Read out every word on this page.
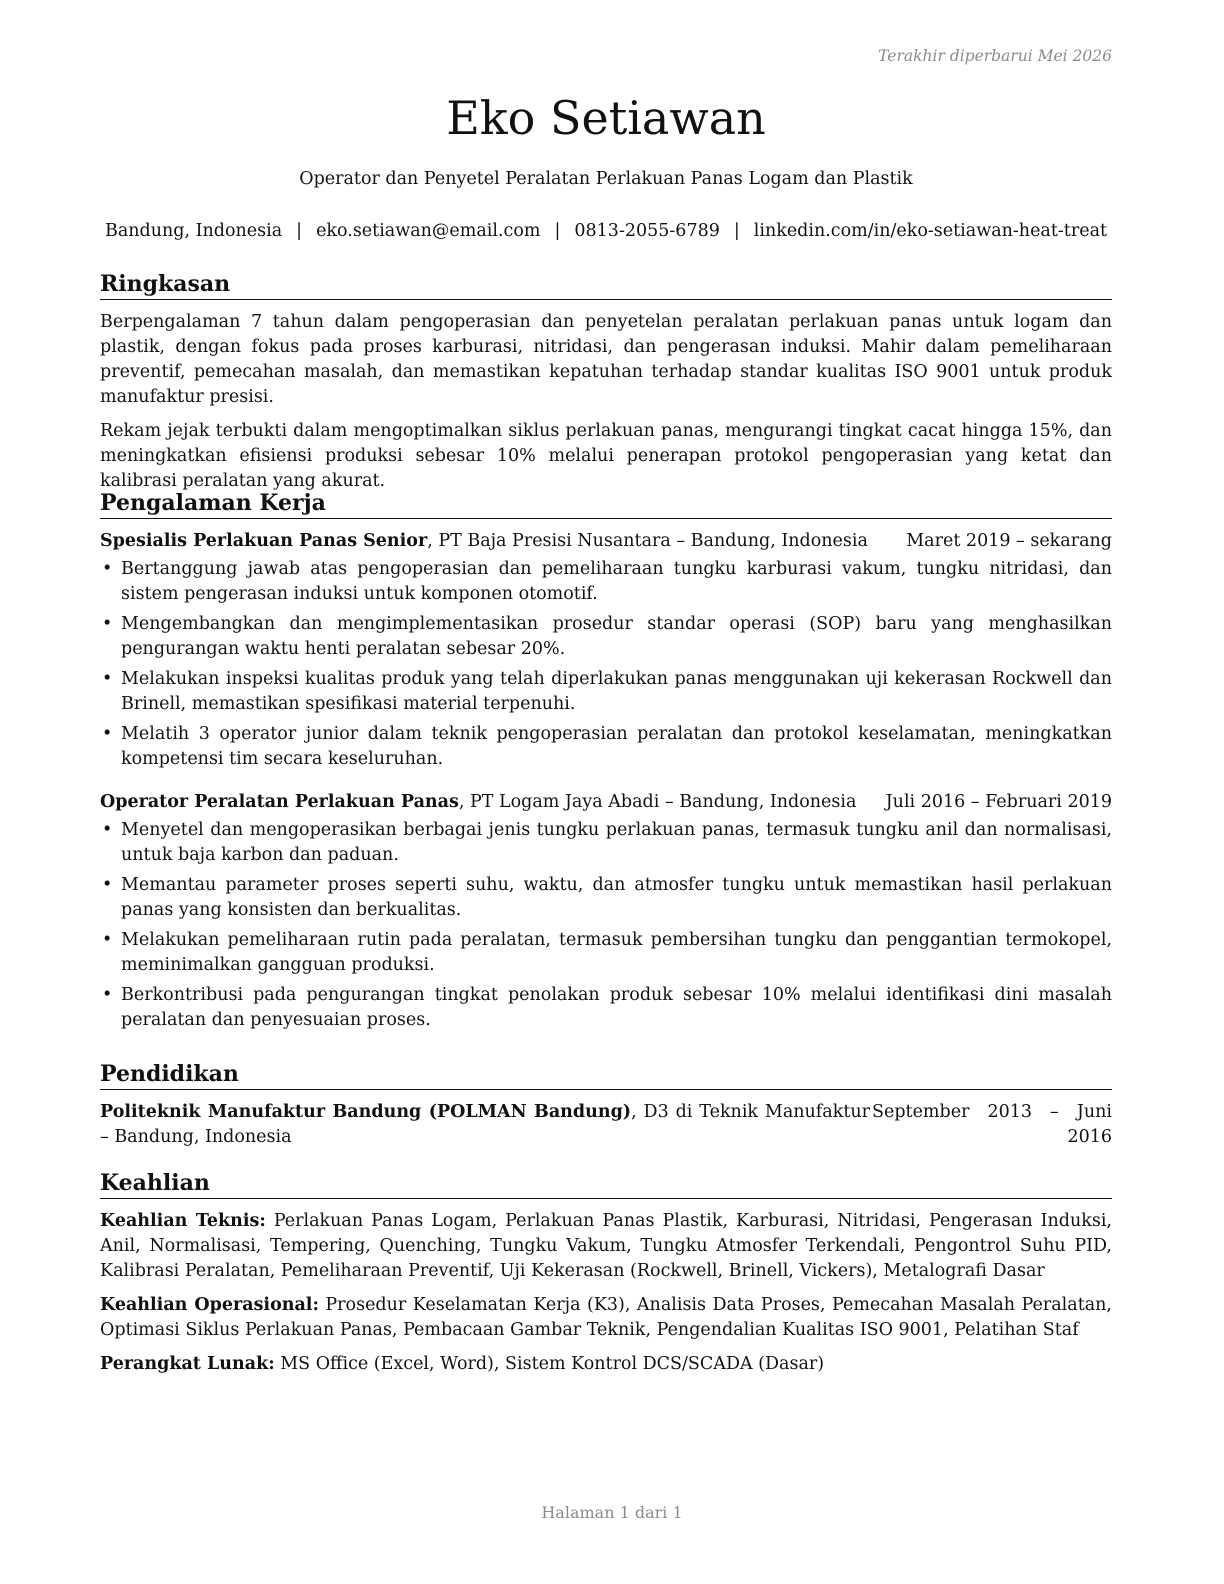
Terakhir diperbarui Mei 2026
Eko Setiawan
Operator dan Penyetel Peralatan Perlakuan Panas Logam dan Plastik
Bandung, Indonesia | eko.setiawan@email.com | 0813-2055-6789 | linkedin.com/in/eko-setiawan-heat-treat
Ringkasan

Berpengalaman 7 tahun dalam pengoperasian dan penyetelan peralatan perlakuan panas untuk logam dan plastik, dengan fokus pada proses karburasi, nitridasi, dan pengerasan induksi. Mahir dalam pemeliharaan preventif, pemecahan masalah, dan memastikan kepatuhan terhadap standar kualitas ISO 9001 untuk produk manufaktur presisi.

Rekam jejak terbukti dalam mengoptimalkan siklus perlakuan panas, mengurangi tingkat cacat hingga 15%, dan meningkatkan efisiensi produksi sebesar 10% melalui penerapan protokol pengoperasian yang ketat dan kalibrasi peralatan yang akurat.

Pengalaman Kerja
Spesialis Perlakuan Panas Senior, PT Baja Presisi Nusantara – Bandung, Indonesia Maret 2019 – sekarang
• Bertanggung jawab atas pengoperasian dan pemeliharaan tungku karburasi vakum, tungku nitridasi, dan sistem pengerasan induksi untuk komponen otomotif.
• Mengembangkan dan mengimplementasikan prosedur standar operasi (SOP) baru yang menghasilkan pengurangan waktu henti peralatan sebesar 20%.
• Melakukan inspeksi kualitas produk yang telah diperlakukan panas menggunakan uji kekerasan Rockwell dan Brinell, memastikan spesifikasi material terpenuhi.
• Melatih 3 operator junior dalam teknik pengoperasian peralatan dan protokol keselamatan, meningkatkan kompetensi tim secara keseluruhan.
Operator Peralatan Perlakuan Panas, PT Logam Jaya Abadi – Bandung, Indonesia Juli 2016 – Februari 2019
• Menyetel dan mengoperasikan berbagai jenis tungku perlakuan panas, termasuk tungku anil dan normalisasi, untuk baja karbon dan paduan.
• Memantau parameter proses seperti suhu, waktu, dan atmosfer tungku untuk memastikan hasil perlakuan panas yang konsisten dan berkualitas.
• Melakukan pemeliharaan rutin pada peralatan, termasuk pembersihan tungku dan penggantian termokopel, meminimalkan gangguan produksi.
• Berkontribusi pada pengurangan tingkat penolakan produk sebesar 10% melalui identifikasi dini masalah peralatan dan penyesuaian proses.
Pendidikan
Politeknik Manufaktur Bandung (POLMAN Bandung), D3 di Teknik Manufaktur – Bandung, Indonesia
September 2013 – Juni 2016
Keahlian

Keahlian Teknis: Perlakuan Panas Logam, Perlakuan Panas Plastik, Karburasi, Nitridasi, Pengerasan Induksi, Anil, Normalisasi, Tempering, Quenching, Tungku Vakum, Tungku Atmosfer Terkendali, Pengontrol Suhu PID, Kalibrasi Peralatan, Pemeliharaan Preventif, Uji Kekerasan (Rockwell, Brinell, Vickers), Metalografi Dasar

Keahlian Operasional: Prosedur Keselamatan Kerja (K3), Analisis Data Proses, Pemecahan Masalah Peralatan, Optimasi Siklus Perlakuan Panas, Pembacaan Gambar Teknik, Pengendalian Kualitas ISO 9001, Pelatihan Staf

Perangkat Lunak: MS Office (Excel, Word), Sistem Kontrol DCS/SCADA (Dasar)

Halaman 1 dari 1
